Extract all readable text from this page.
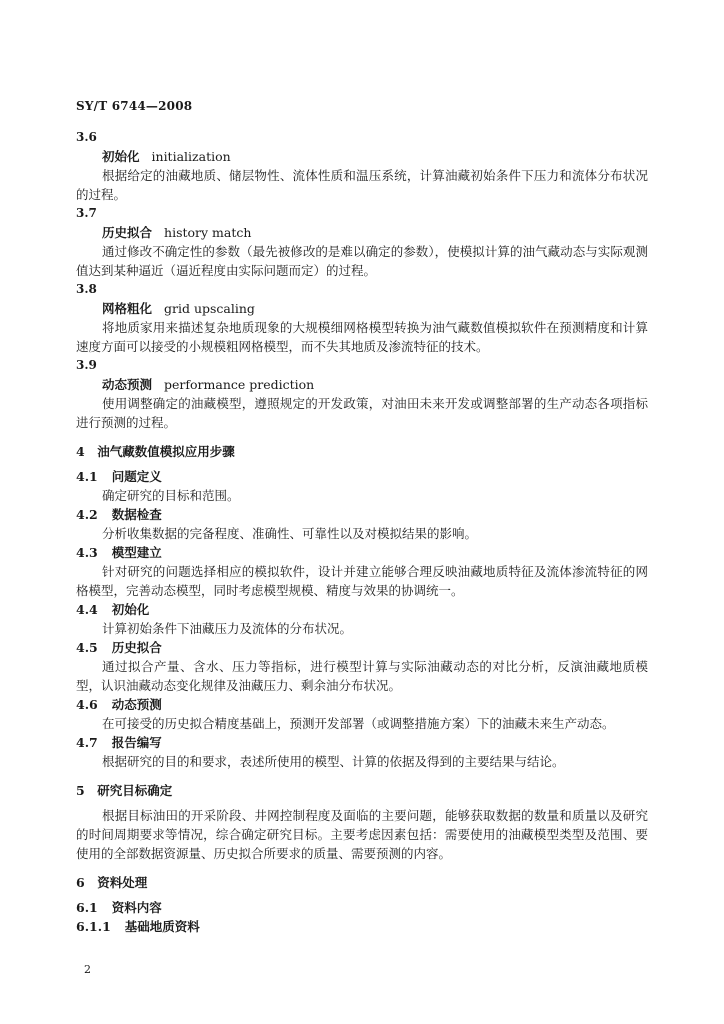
SY/T 6744—2008
3.6
初始化 initialization
根据给定的油藏地质、储层物性、流体性质和温压系统，计算油藏初始条件下压力和流体分布状况的过程。
3.7
历史拟合 history match
通过修改不确定性的参数（最先被修改的是难以确定的参数），使模拟计算的油气藏动态与实际观测值达到某种逼近（逼近程度由实际问题而定）的过程。
3.8
网格粗化 grid upscaling
将地质家用来描述复杂地质现象的大规模细网格模型转换为油气藏数值模拟软件在预测精度和计算速度方面可以接受的小规模粗网格模型，而不失其地质及渗流特征的技术。
3.9
动态预测 performance prediction
使用调整确定的油藏模型，遵照规定的开发政策，对油田未来开发或调整部署的生产动态各项指标进行预测的过程。
4　油气藏数值模拟应用步骤
4.1 问题定义
确定研究的目标和范围。
4.2 数据检查
分析收集数据的完备程度、准确性、可靠性以及对模拟结果的影响。
4.3 模型建立
针对研究的问题选择相应的模拟软件，设计并建立能够合理反映油藏地质特征及流体渗流特征的网格模型，完善动态模型，同时考虑模型规模、精度与效果的协调统一。
4.4 初始化
计算初始条件下油藏压力及流体的分布状况。
4.5 历史拟合
通过拟合产量、含水、压力等指标，进行模型计算与实际油藏动态的对比分析，反演油藏地质模型，认识油藏动态变化规律及油藏压力、剩余油分布状况。
4.6 动态预测
在可接受的历史拟合精度基础上，预测开发部署（或调整措施方案）下的油藏未来生产动态。
4.7 报告编写
根据研究的目的和要求，表述所使用的模型、计算的依据及得到的主要结果与结论。
5　研究目标确定
根据目标油田的开采阶段、井网控制程度及面临的主要问题，能够获取数据的数量和质量以及研究的时间周期要求等情况，综合确定研究目标。主要考虑因素包括：需要使用的油藏模型类型及范围、要使用的全部数据资源量、历史拟合所要求的质量、需要预测的内容。
6　资料处理
6.1 资料内容
6.1.1 基础地质资料
2
